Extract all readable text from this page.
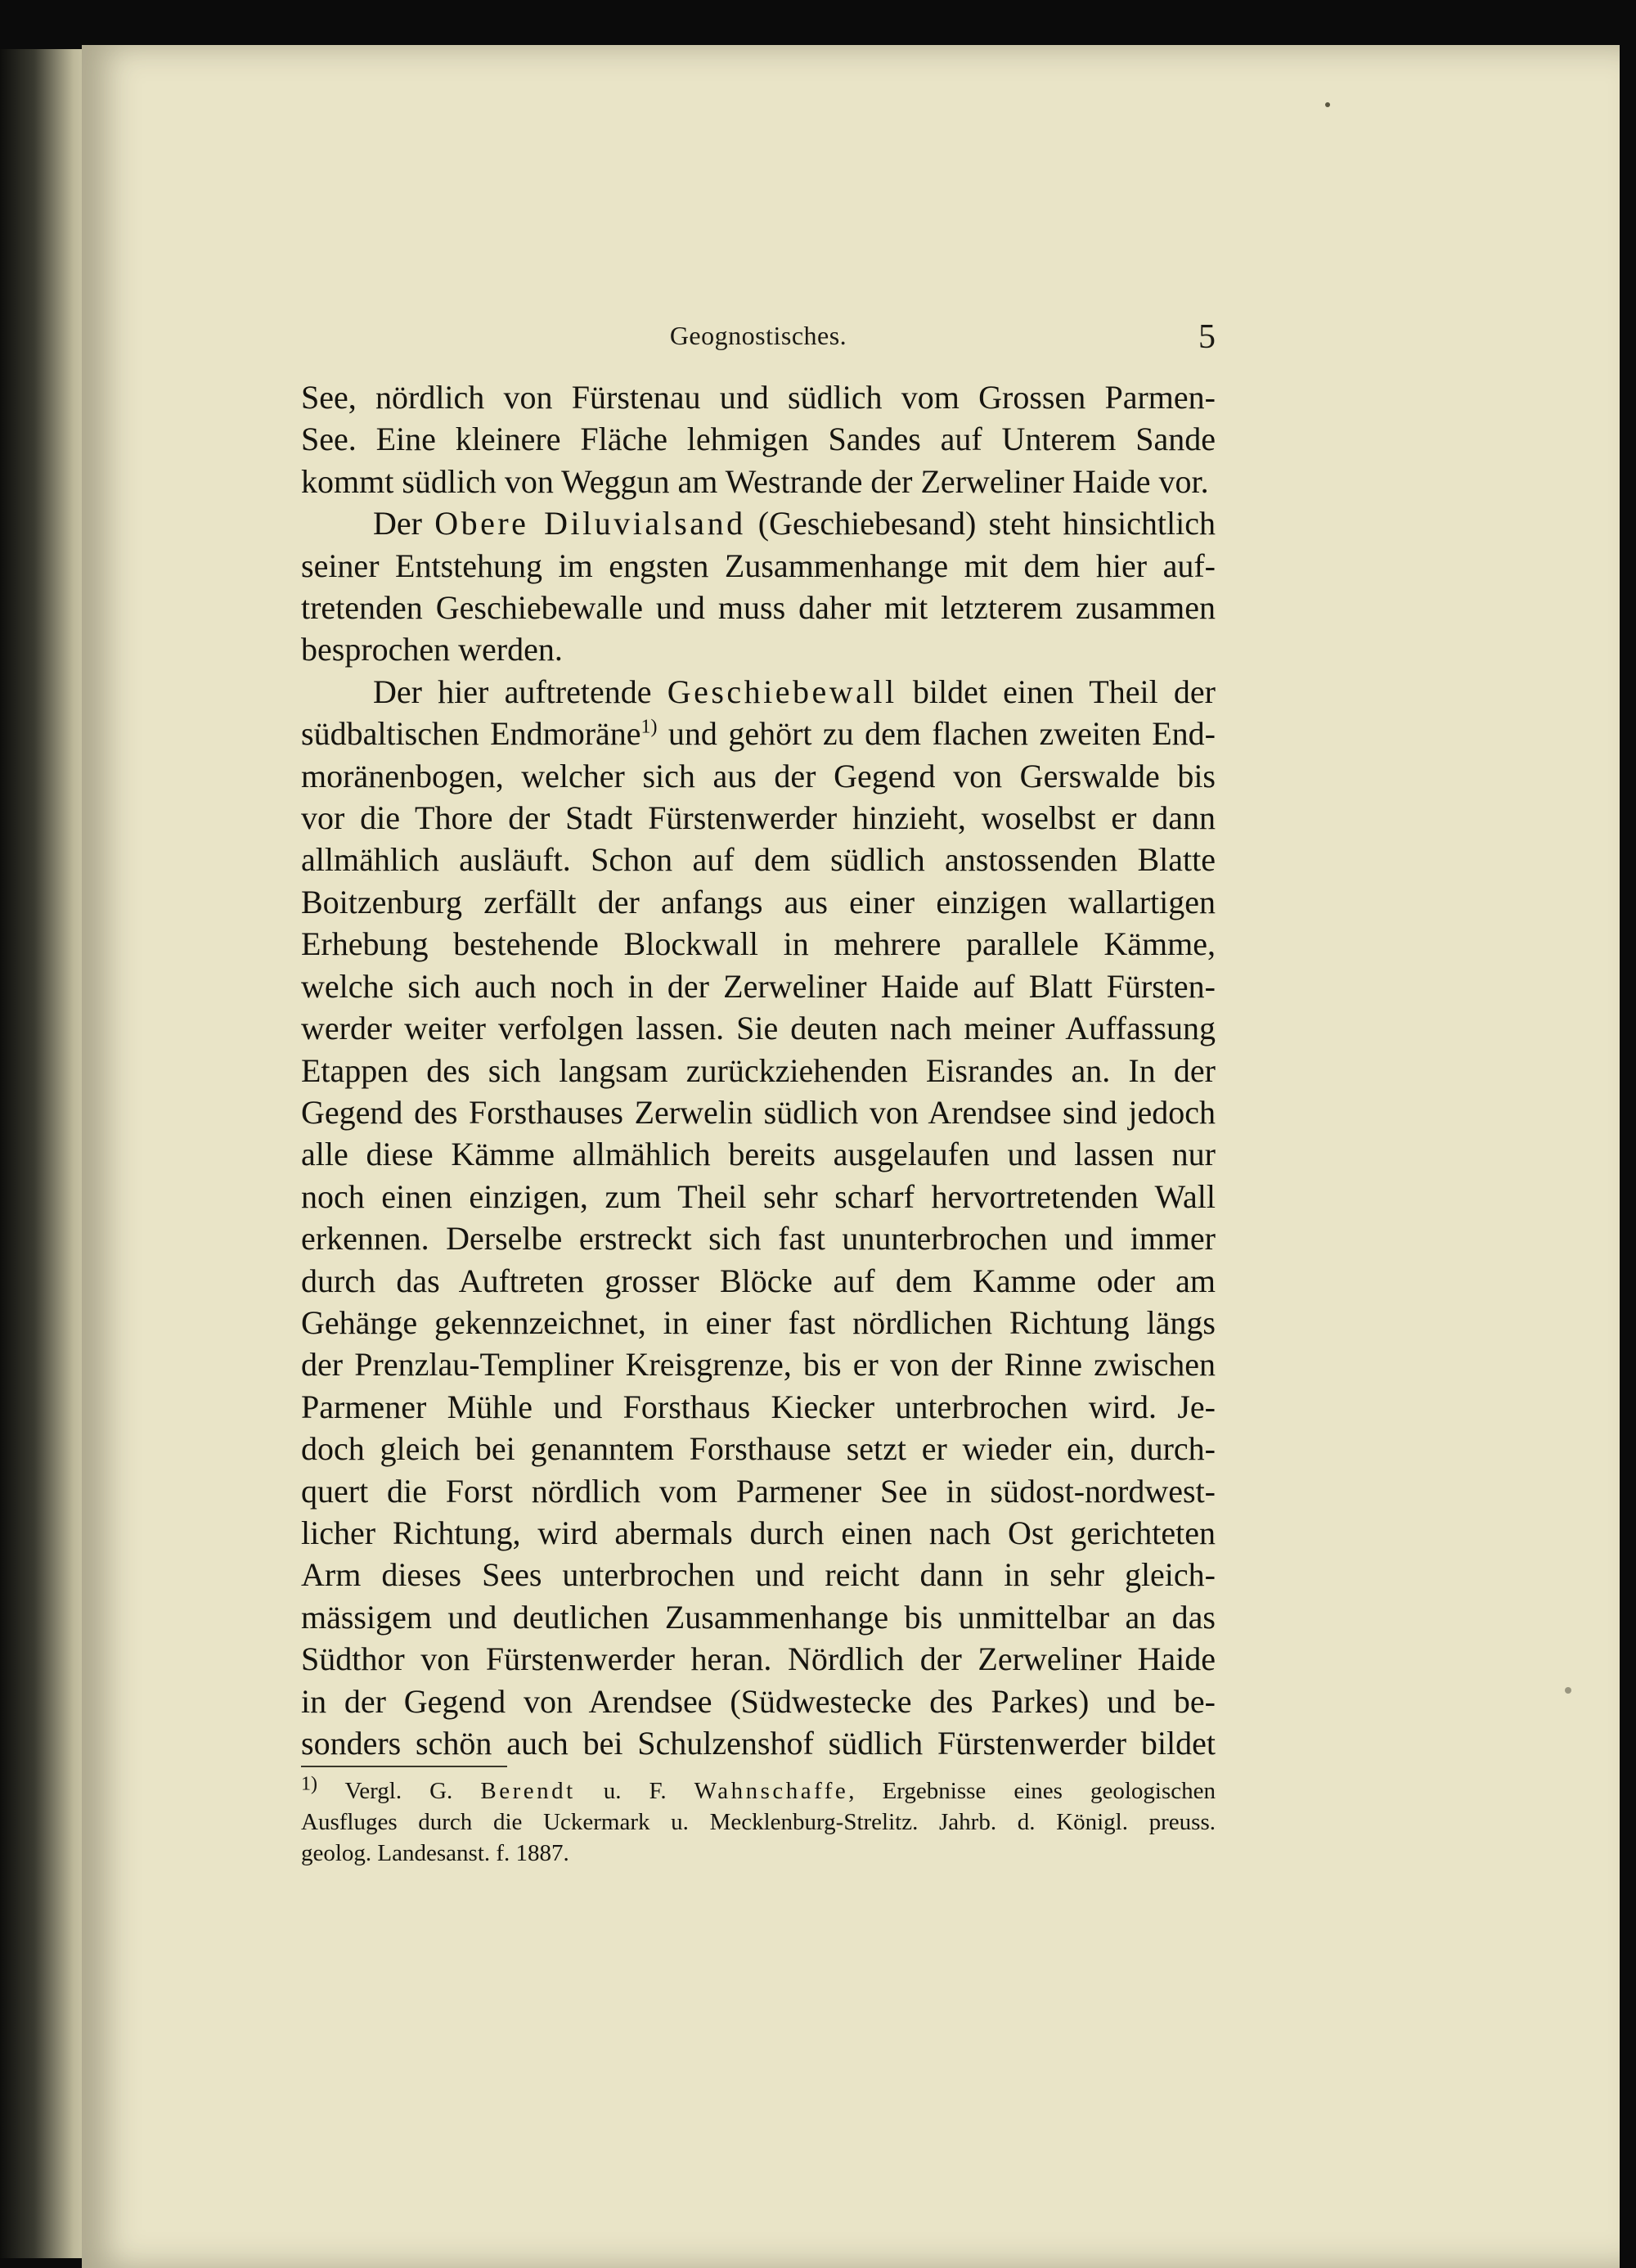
Geognostisches.	5
See, nördlich von Fürstenau und südlich vom Grossen Parmen-
See. Eine kleinere Fläche lehmigen Sandes auf Unterem Sande
kommt südlich von Weggun am Westrande der Zerweliner Haide vor.
Der Obere Diluvialsand (Geschiebesand) steht hinsichtlich
seiner Entstehung im engsten Zusammenhange mit dem hier auf-
tretenden Geschiebewalle und muss daher mit letzterem zusammen
besprochen werden.
Der hier auftretende Geschiebewall bildet einen Theil der
südbaltischen Endmoräne$^{1)}$ und gehört zu dem flachen zweiten End-
moränenbogen, welcher sich aus der Gegend von Gerswalde bis
vor die Thore der Stadt Fürstenwerder hinzieht, woselbst er dann
allmählich ausläuft. Schon auf dem südlich anstossenden Blatte
Boitzenburg zerfällt der anfangs aus einer einzigen wallartigen
Erhebung bestehende Blockwall in mehrere parallele Kämme,
welche sich auch noch in der Zerweliner Haide auf Blatt Fürsten-
werder weiter verfolgen lassen. Sie deuten nach meiner Auffassung
Etappen des sich langsam zurückziehenden Eisrandes an. In der
Gegend des Forsthauses Zerwelin südlich von Arendsee sind jedoch
alle diese Kämme allmählich bereits ausgelaufen und lassen nur
noch einen einzigen, zum Theil sehr scharf hervortretenden Wall
erkennen. Derselbe erstreckt sich fast ununterbrochen und immer
durch das Auftreten grosser Blöcke auf dem Kamme oder am
Gehänge gekennzeichnet, in einer fast nördlichen Richtung längs
der Prenzlau-Templiner Kreisgrenze, bis er von der Rinne zwischen
Parmener Mühle und Forsthaus Kiecker unterbrochen wird. Je-
doch gleich bei genanntem Forsthause setzt er wieder ein, durch-
quert die Forst nördlich vom Parmener See in südost-nordwest-
licher Richtung, wird abermals durch einen nach Ost gerichteten
Arm dieses Sees unterbrochen und reicht dann in sehr gleich-
mässigem und deutlichen Zusammenhange bis unmittelbar an das
Südthor von Fürstenwerder heran. Nördlich der Zerweliner Haide
in der Gegend von Arendsee (Südwestecke des Parkes) und be-
sonders schön auch bei Schulzenshof südlich Fürstenwerder bildet
$^{1)}$ Vergl. G. Berendt u. F. Wahnschaffe, Ergebnisse eines geologischen
Ausfluges durch die Uckermark u. Mecklenburg-Strelitz. Jahrb. d. Königl. preuss.
geolog. Landesanst. f. 1887.
